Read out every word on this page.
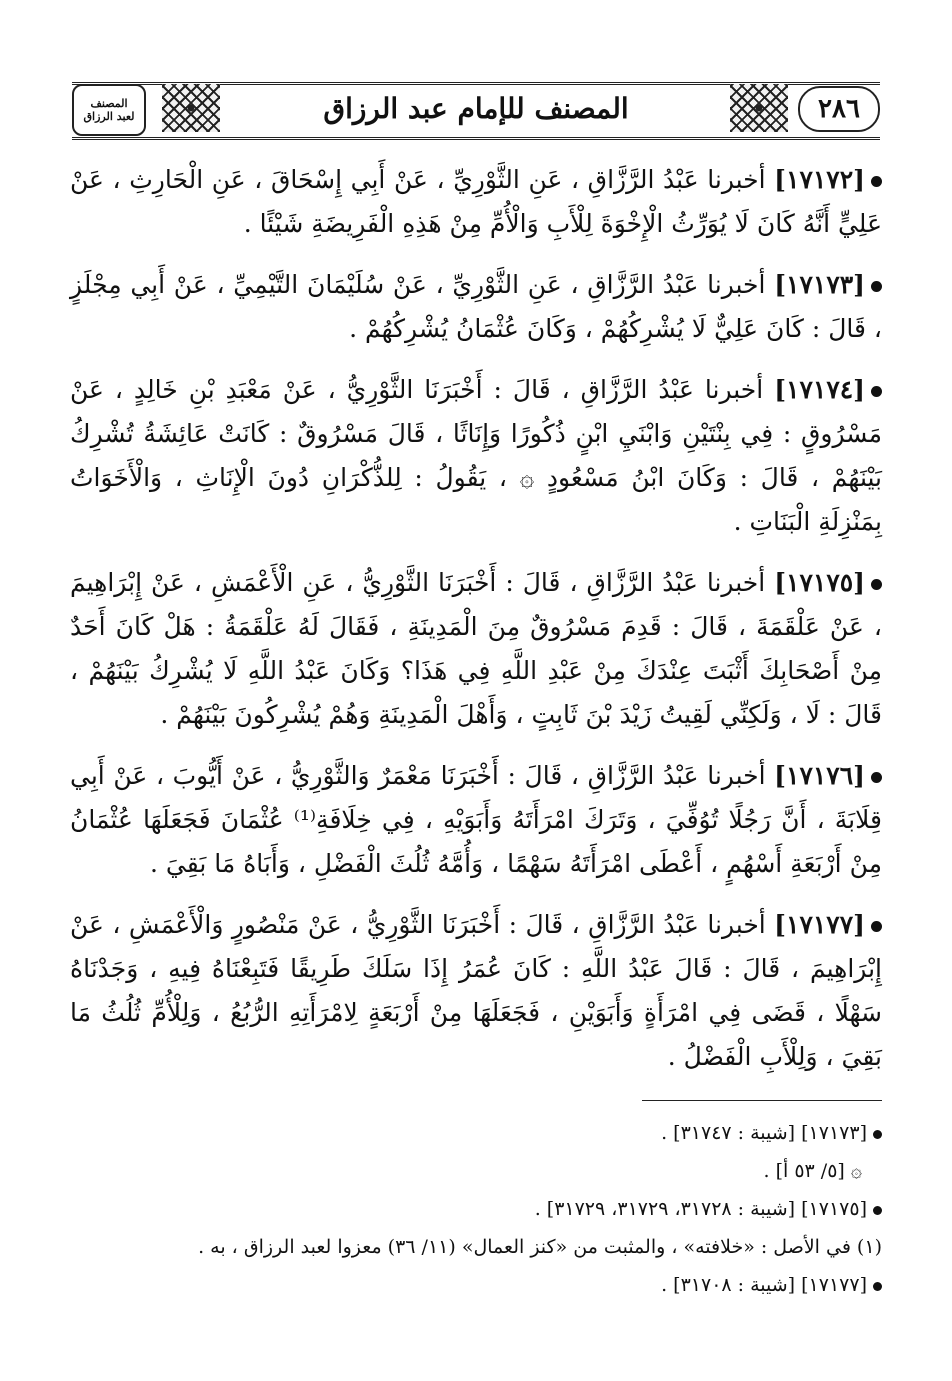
٢٨٦
المصنف للإمام عبد الرزاق
المصنف
لعبد الرزاق

[١٧١٧٢] أخبرنا عَبْدُ الرَّزَّاقِ ، عَنِ الثَّوْرِيِّ ، عَنْ أَبِي إِسْحَاقَ ، عَنِ الْحَارِثِ ، عَنْ عَلِيٍّ أَنَّهُ كَانَ لَا يُوَرِّثُ الْإِخْوَةَ لِلْأَبِ وَالْأُمِّ مِنْ هَذِهِ الْفَرِيضَةِ شَيْئًا .

[١٧١٧٣] أخبرنا عَبْدُ الرَّزَّاقِ ، عَنِ الثَّوْرِيِّ ، عَنْ سُلَيْمَانَ التَّيْمِيِّ ، عَنْ أَبِي مِجْلَزٍ ، قَالَ : كَانَ عَلِيٌّ لَا يُشْرِكُهُمْ ، وَكَانَ عُثْمَانُ يُشْرِكُهُمْ .

[١٧١٧٤] أخبرنا عَبْدُ الرَّزَّاقِ ، قَالَ : أَخْبَرَنَا الثَّوْرِيُّ ، عَنْ مَعْبَدِ بْنِ خَالِدٍ ، عَنْ مَسْرُوقٍ : فِي بِنْتَيْنِ وَابْنَيِ ابْنٍ ذُكُورًا وَإِنَاثًا ، قَالَ مَسْرُوقٌ : كَانَتْ عَائِشَةُ تُشْرِكُ بَيْنَهُمْ ، قَالَ : وَكَانَ ابْنُ مَسْعُودٍ ۞ ، يَقُولُ : لِلذُّكْرَانِ دُونَ الْإِنَاثِ ، وَالْأَخَوَاتُ بِمَنْزِلَةِ الْبَنَاتِ .

[١٧١٧٥] أخبرنا عَبْدُ الرَّزَّاقِ ، قَالَ : أَخْبَرَنَا الثَّوْرِيُّ ، عَنِ الْأَعْمَشِ ، عَنْ إِبْرَاهِيمَ ، عَنْ عَلْقَمَةَ ، قَالَ : قَدِمَ مَسْرُوقٌ مِنَ الْمَدِينَةِ ، فَقَالَ لَهُ عَلْقَمَةُ : هَلْ كَانَ أَحَدٌ مِنْ أَصْحَابِكَ أَثْبَتَ عِنْدَكَ مِنْ عَبْدِ اللَّهِ فِي هَذَا؟ وَكَانَ عَبْدُ اللَّهِ لَا يُشْرِكُ بَيْنَهُمْ ، قَالَ : لَا ، وَلَكِنِّي لَقِيتُ زَيْدَ بْنَ ثَابِتٍ ، وَأَهْلَ الْمَدِينَةِ وَهُمْ يُشْرِكُونَ بَيْنَهُمْ .

[١٧١٧٦] أخبرنا عَبْدُ الرَّزَّاقِ ، قَالَ : أَخْبَرَنَا مَعْمَرٌ وَالثَّوْرِيُّ ، عَنْ أَيُّوبَ ، عَنْ أَبِي قِلَابَةَ ، أَنَّ رَجُلًا تُوُفِّيَ ، وَتَرَكَ امْرَأَتَهُ وَأَبَوَيْهِ ، فِي خِلَافَةِ⁽¹⁾ عُثْمَانَ فَجَعَلَهَا عُثْمَانُ مِنْ أَرْبَعَةِ أَسْهُمٍ ، أَعْطَى امْرَأَتَهُ سَهْمًا ، وَأُمَّهُ ثُلُثَ الْفَضْلِ ، وَأَبَاهُ مَا بَقِيَ .

[١٧١٧٧] أخبرنا عَبْدُ الرَّزَّاقِ ، قَالَ : أَخْبَرَنَا الثَّوْرِيُّ ، عَنْ مَنْصُورٍ وَالْأَعْمَشِ ، عَنْ إِبْرَاهِيمَ ، قَالَ : قَالَ عَبْدُ اللَّهِ : كَانَ عُمَرُ إِذَا سَلَكَ طَرِيقًا فَتَبِعْنَاهُ فِيهِ ، وَجَدْنَاهُ سَهْلًا ، قَضَى فِي امْرَأَةٍ وَأَبَوَيْنِ ، فَجَعَلَهَا مِنْ أَرْبَعَةٍ لِامْرَأَتِهِ الرُّبُعُ ، وَلِلْأُمِّ ثُلُثُ مَا بَقِيَ ، وَلِلْأَبِ الْفَضْلُ .

[١٧١٧٣] [شيبة : ٣١٧٤٧] .

۞ [٥/ ٥٣ أ] .

[١٧١٧٥] [شيبة : ٣١٧٢٨، ٣١٧٢٩، ٣١٧٢٩] .

(١) في الأصل : «خلافته» ، والمثبت من «كنز العمال» (١١/ ٣٦) معزوا لعبد الرزاق ، به .

[١٧١٧٧] [شيبة : ٣١٧٠٨] .
